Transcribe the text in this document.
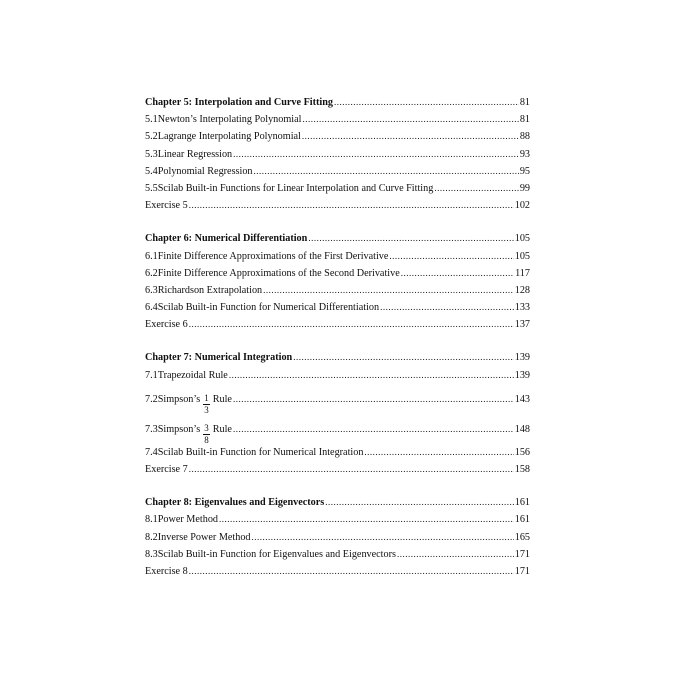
Chapter 5: Interpolation and Curve Fitting .....	81
5.1 Newton’s Interpolating Polynomial .....	81
5.2 Lagrange Interpolating Polynomial .....	88
5.3 Linear Regression .....	93
5.4 Polynomial Regression .....	95
5.5 Scilab Built-in Functions for Linear Interpolation and Curve Fitting .....	99
Exercise 5 .....	102
Chapter 6: Numerical Differentiation .....	105
6.1 Finite Difference Approximations of the First Derivative .....	105
6.2 Finite Difference Approximations of the Second Derivative .....	117
6.3 Richardson Extrapolation .....	128
6.4 Scilab Built-in Function for Numerical Differentiation .....	133
Exercise 6 .....	137
Chapter 7: Numerical Integration .....	139
7.1 Trapezoidal Rule .....	139
7.2 Simpson’s $\frac{1}{3}$ Rule .....	143
7.3 Simpson’s $\frac{3}{8}$ Rule .....	148
7.4 Scilab Built-in Function for Numerical Integration .....	156
Exercise 7 .....	158
Chapter 8: Eigenvalues and Eigenvectors .....	161
8.1 Power Method .....	161
8.2 Inverse Power Method .....	165
8.3 Scilab Built-in Function for Eigenvalues and Eigenvectors .....	171
Exercise 8 .....	171
